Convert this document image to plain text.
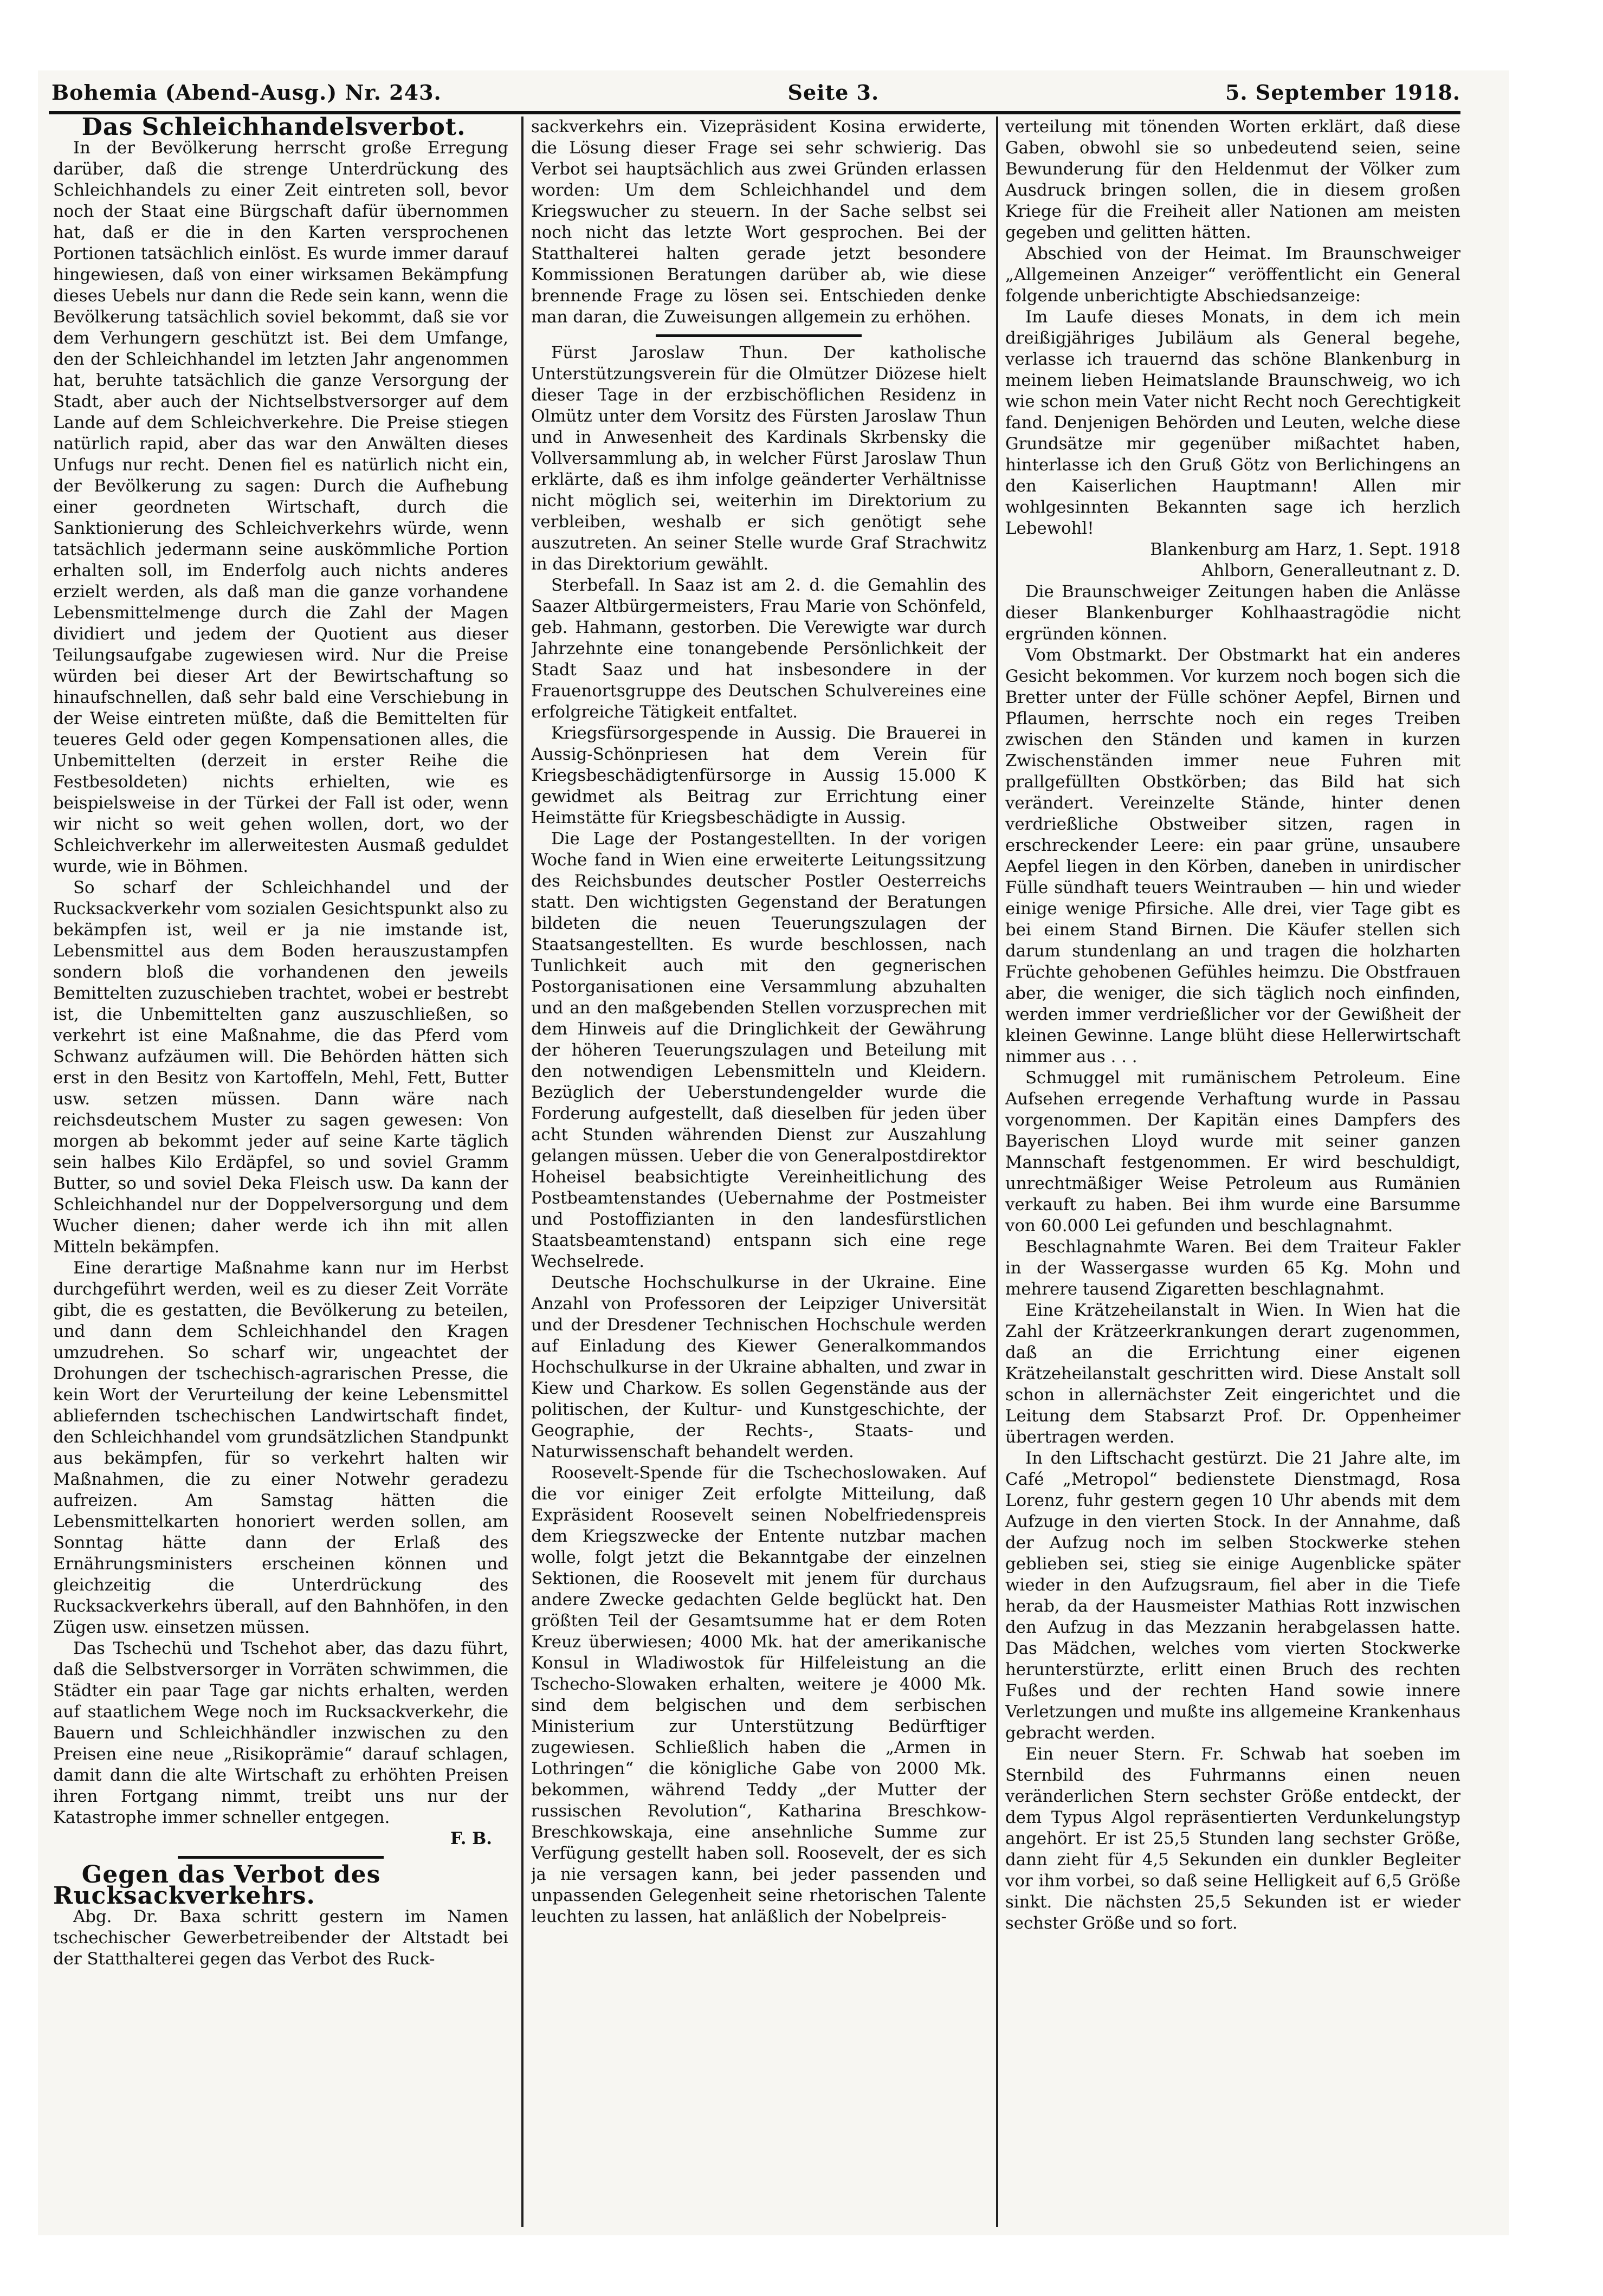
Bohemia (Abend-Ausg.) Nr. 243.	Seite 3.	5. September 1918.

Das Schleichhandelsverbot.

In der Bevölkerung herrscht große Erregung darüber, daß die strenge Unterdrückung des Schleichhandels zu einer Zeit eintreten soll, bevor noch der Staat eine Bürgschaft dafür übernommen hat, daß er die in den Karten versprochenen Portionen tatsächlich einlöst. Es wurde immer darauf hingewiesen, daß von einer wirksamen Bekämpfung dieses Uebels nur dann die Rede sein kann, wenn die Bevölkerung tatsächlich soviel bekommt, daß sie vor dem Verhungern geschützt ist. Bei dem Umfange, den der Schleichhandel im letzten Jahr angenommen hat, beruhte tatsächlich die ganze Versorgung der Stadt, aber auch der Nichtselbstversorger auf dem Lande auf dem Schleichverkehre. Die Preise stiegen natürlich rapid, aber das war den Anwälten dieses Unfugs nur recht. Denen fiel es natürlich nicht ein, der Bevölkerung zu sagen: Durch die Aufhebung einer geordneten Wirtschaft, durch die Sanktionierung des Schleichverkehrs würde, wenn tatsächlich jedermann seine auskömmliche Portion erhalten soll, im Enderfolg auch nichts anderes erzielt werden, als daß man die ganze vorhandene Lebensmittelmenge durch die Zahl der Magen dividiert und jedem der Quotient aus dieser Teilungsaufgabe zugewiesen wird. Nur die Preise würden bei dieser Art der Bewirtschaftung so hinaufschnellen, daß sehr bald eine Verschiebung in der Weise eintreten müßte, daß die Bemittelten für teueres Geld oder gegen Kompensationen alles, die Unbemittelten (derzeit in erster Reihe die Festbesoldeten) nichts erhielten, wie es beispielsweise in der Türkei der Fall ist oder, wenn wir nicht so weit gehen wollen, dort, wo der Schleichverkehr im allerweitesten Ausmaß geduldet wurde, wie in Böhmen.

So scharf der Schleichhandel und der Rucksackverkehr vom sozialen Gesichtspunkt also zu bekämpfen ist, weil er ja nie imstande ist, Lebensmittel aus dem Boden herauszustampfen sondern bloß die vorhandenen den jeweils Bemittelten zuzuschieben trachtet, wobei er bestrebt ist, die Unbemittelten ganz auszuschließen, so verkehrt ist eine Maßnahme, die das Pferd vom Schwanz aufzäumen will. Die Behörden hätten sich erst in den Besitz von Kartoffeln, Mehl, Fett, Butter usw. setzen müssen. Dann wäre nach reichsdeutschem Muster zu sagen gewesen: Von morgen ab bekommt jeder auf seine Karte täglich sein halbes Kilo Erdäpfel, so und soviel Gramm Butter, so und soviel Deka Fleisch usw. Da kann der Schleichhandel nur der Doppelversorgung und dem Wucher dienen; daher werde ich ihn mit allen Mitteln bekämpfen.

Eine derartige Maßnahme kann nur im Herbst durchgeführt werden, weil es zu dieser Zeit Vorräte gibt, die es gestatten, die Bevölkerung zu beteilen, und dann dem Schleichhandel den Kragen umzudrehen. So scharf wir, ungeachtet der Drohungen der tschechisch-agrarischen Presse, die kein Wort der Verurteilung der keine Lebensmittel abliefernden tschechischen Landwirtschaft findet, den Schleichhandel vom grundsätzlichen Standpunkt aus bekämpfen, für so verkehrt halten wir Maßnahmen, die zu einer Notwehr geradezu aufreizen. Am Samstag hätten die Lebensmittelkarten honoriert werden sollen, am Sonntag hätte dann der Erlaß des Ernährungsministers erscheinen können und gleichzeitig die Unterdrückung des Rucksackverkehrs überall, auf den Bahnhöfen, in den Zügen usw. einsetzen müssen.

Das Tschechü und Tschehot aber, das dazu führt, daß die Selbstversorger in Vorräten schwimmen, die Städter ein paar Tage gar nichts erhalten, werden auf staatlichem Wege noch im Rucksackverkehr, die Bauern und Schleichhändler inzwischen zu den Preisen eine neue „Risikoprämie“ darauf schlagen, damit dann die alte Wirtschaft zu erhöhten Preisen ihren Fortgang nimmt, treibt uns nur der Katastrophe immer schneller entgegen.

F. B.

Gegen das Verbot des Rucksackverkehrs.

Abg. Dr. Baxa schritt gestern im Namen tschechischer Gewerbetreibender der Altstadt bei der Statthalterei gegen das Verbot des Ruck-

sackverkehrs ein. Vizepräsident Kosina erwiderte, die Lösung dieser Frage sei sehr schwierig. Das Verbot sei hauptsächlich aus zwei Gründen erlassen worden: Um dem Schleichhandel und dem Kriegswucher zu steuern. In der Sache selbst sei noch nicht das letzte Wort gesprochen. Bei der Statthalterei halten gerade jetzt besondere Kommissionen Beratungen darüber ab, wie diese brennende Frage zu lösen sei. Entschieden denke man daran, die Zuweisungen allgemein zu erhöhen.

Fürst Jaroslaw Thun. Der katholische Unterstützungsverein für die Olmützer Diözese hielt dieser Tage in der erzbischöflichen Residenz in Olmütz unter dem Vorsitz des Fürsten Jaroslaw Thun und in Anwesenheit des Kardinals Skrbensky die Vollversammlung ab, in welcher Fürst Jaroslaw Thun erklärte, daß es ihm infolge geänderter Verhältnisse nicht möglich sei, weiterhin im Direktorium zu verbleiben, weshalb er sich genötigt sehe auszutreten. An seiner Stelle wurde Graf Strachwitz in das Direktorium gewählt.

Sterbefall. In Saaz ist am 2. d. die Gemahlin des Saazer Altbürgermeisters, Frau Marie von Schönfeld, geb. Hahmann, gestorben. Die Verewigte war durch Jahrzehnte eine tonangebende Persönlichkeit der Stadt Saaz und hat insbesondere in der Frauenortsgruppe des Deutschen Schulvereines eine erfolgreiche Tätigkeit entfaltet.

Kriegsfürsorgespende in Aussig. Die Brauerei in Aussig-Schönpriesen hat dem Verein für Kriegsbeschädigtenfürsorge in Aussig 15.000 K gewidmet als Beitrag zur Errichtung einer Heimstätte für Kriegsbeschädigte in Aussig.

Die Lage der Postangestellten. In der vorigen Woche fand in Wien eine erweiterte Leitungssitzung des Reichsbundes deutscher Postler Oesterreichs statt. Den wichtigsten Gegenstand der Beratungen bildeten die neuen Teuerungszulagen der Staatsangestellten. Es wurde beschlossen, nach Tunlichkeit auch mit den gegnerischen Postorganisationen eine Versammlung abzuhalten und an den maßgebenden Stellen vorzusprechen mit dem Hinweis auf die Dringlichkeit der Gewährung der höheren Teuerungszulagen und Beteilung mit den notwendigen Lebensmitteln und Kleidern. Bezüglich der Ueberstundengelder wurde die Forderung aufgestellt, daß dieselben für jeden über acht Stunden währenden Dienst zur Auszahlung gelangen müssen. Ueber die von Generalpostdirektor Hoheisel beabsichtigte Vereinheitlichung des Postbeamtenstandes (Uebernahme der Postmeister und Postoffizianten in den landesfürstlichen Staatsbeamtenstand) entspann sich eine rege Wechselrede.

Deutsche Hochschulkurse in der Ukraine. Eine Anzahl von Professoren der Leipziger Universität und der Dresdener Technischen Hochschule werden auf Einladung des Kiewer Generalkommandos Hochschulkurse in der Ukraine abhalten, und zwar in Kiew und Charkow. Es sollen Gegenstände aus der politischen, der Kultur- und Kunstgeschichte, der Geographie, der Rechts-, Staats- und Naturwissenschaft behandelt werden.

Roosevelt-Spende für die Tschechoslowaken. Auf die vor einiger Zeit erfolgte Mitteilung, daß Expräsident Roosevelt seinen Nobelfriedenspreis dem Kriegszwecke der Entente nutzbar machen wolle, folgt jetzt die Bekanntgabe der einzelnen Sektionen, die Roosevelt mit jenem für durchaus andere Zwecke gedachten Gelde beglückt hat. Den größten Teil der Gesamtsumme hat er dem Roten Kreuz überwiesen; 4000 Mk. hat der amerikanische Konsul in Wladiwostok für Hilfeleistung an die Tschecho-Slowaken erhalten, weitere je 4000 Mk. sind dem belgischen und dem serbischen Ministerium zur Unterstützung Bedürftiger zugewiesen. Schließlich haben die „Armen in Lothringen“ die königliche Gabe von 2000 Mk. bekommen, während Teddy „der Mutter der russischen Revolution“, Katharina Breschkow-Breschkowskaja, eine ansehnliche Summe zur Verfügung gestellt haben soll. Roosevelt, der es sich ja nie versagen kann, bei jeder passenden und unpassenden Gelegenheit seine rhetorischen Talente leuchten zu lassen, hat anläßlich der Nobelpreis-

verteilung mit tönenden Worten erklärt, daß diese Gaben, obwohl sie so unbedeutend seien, seine Bewunderung für den Heldenmut der Völker zum Ausdruck bringen sollen, die in diesem großen Kriege für die Freiheit aller Nationen am meisten gegeben und gelitten hätten.

Abschied von der Heimat. Im Braunschweiger „Allgemeinen Anzeiger“ veröffentlicht ein General folgende unberichtigte Abschiedsanzeige:

Im Laufe dieses Monats, in dem ich mein dreißigjähriges Jubiläum als General begehe, verlasse ich trauernd das schöne Blankenburg in meinem lieben Heimatslande Braunschweig, wo ich wie schon mein Vater nicht Recht noch Gerechtigkeit fand. Denjenigen Behörden und Leuten, welche diese Grundsätze mir gegenüber mißachtet haben, hinterlasse ich den Gruß Götz von Berlichingens an den Kaiserlichen Hauptmann! Allen mir wohlgesinnten Bekannten sage ich herzlich Lebewohl!

Blankenburg am Harz, 1. Sept. 1918

Ahlborn, Generalleutnant z. D.

Die Braunschweiger Zeitungen haben die Anlässe dieser Blankenburger Kohlhaastragödie nicht ergründen können.

Vom Obstmarkt. Der Obstmarkt hat ein anderes Gesicht bekommen. Vor kurzem noch bogen sich die Bretter unter der Fülle schöner Aepfel, Birnen und Pflaumen, herrschte noch ein reges Treiben zwischen den Ständen und kamen in kurzen Zwischenständen immer neue Fuhren mit prallgefüllten Obstkörben; das Bild hat sich verändert. Vereinzelte Stände, hinter denen verdrießliche Obstweiber sitzen, ragen in erschreckender Leere: ein paar grüne, unsaubere Aepfel liegen in den Körben, daneben in unirdischer Fülle sündhaft teuers Weintrauben — hin und wieder einige wenige Pfirsiche. Alle drei, vier Tage gibt es bei einem Stand Birnen. Die Käufer stellen sich darum stundenlang an und tragen die holzharten Früchte gehobenen Gefühles heimzu. Die Obstfrauen aber, die weniger, die sich täglich noch einfinden, werden immer verdrießlicher vor der Gewißheit der kleinen Gewinne. Lange blüht diese Hellerwirtschaft nimmer aus . . .

Schmuggel mit rumänischem Petroleum. Eine Aufsehen erregende Verhaftung wurde in Passau vorgenommen. Der Kapitän eines Dampfers des Bayerischen Lloyd wurde mit seiner ganzen Mannschaft festgenommen. Er wird beschuldigt, unrechtmäßiger Weise Petroleum aus Rumänien verkauft zu haben. Bei ihm wurde eine Barsumme von 60.000 Lei gefunden und beschlagnahmt.

Beschlagnahmte Waren. Bei dem Traiteur Fakler in der Wassergasse wurden 65 Kg. Mohn und mehrere tausend Zigaretten beschlagnahmt.

Eine Krätzeheilanstalt in Wien. In Wien hat die Zahl der Krätzeerkrankungen derart zugenommen, daß an die Errichtung einer eigenen Krätzeheilanstalt geschritten wird. Diese Anstalt soll schon in allernächster Zeit eingerichtet und die Leitung dem Stabsarzt Prof. Dr. Oppenheimer übertragen werden.

In den Liftschacht gestürzt. Die 21 Jahre alte, im Café „Metropol“ bedienstete Dienstmagd, Rosa Lorenz, fuhr gestern gegen 10 Uhr abends mit dem Aufzuge in den vierten Stock. In der Annahme, daß der Aufzug noch im selben Stockwerke stehen geblieben sei, stieg sie einige Augenblicke später wieder in den Aufzugsraum, fiel aber in die Tiefe herab, da der Hausmeister Mathias Rott inzwischen den Aufzug in das Mezzanin herabgelassen hatte. Das Mädchen, welches vom vierten Stockwerke herunterstürzte, erlitt einen Bruch des rechten Fußes und der rechten Hand sowie innere Verletzungen und mußte ins allgemeine Krankenhaus gebracht werden.

Ein neuer Stern. Fr. Schwab hat soeben im Sternbild des Fuhrmanns einen neuen veränderlichen Stern sechster Größe entdeckt, der dem Typus Algol repräsentierten Verdunkelungstyp angehört. Er ist 25,5 Stunden lang sechster Größe, dann zieht für 4,5 Sekunden ein dunkler Begleiter vor ihm vorbei, so daß seine Helligkeit auf 6,5 Größe sinkt. Die nächsten 25,5 Sekunden ist er wieder sechster Größe und so fort.
